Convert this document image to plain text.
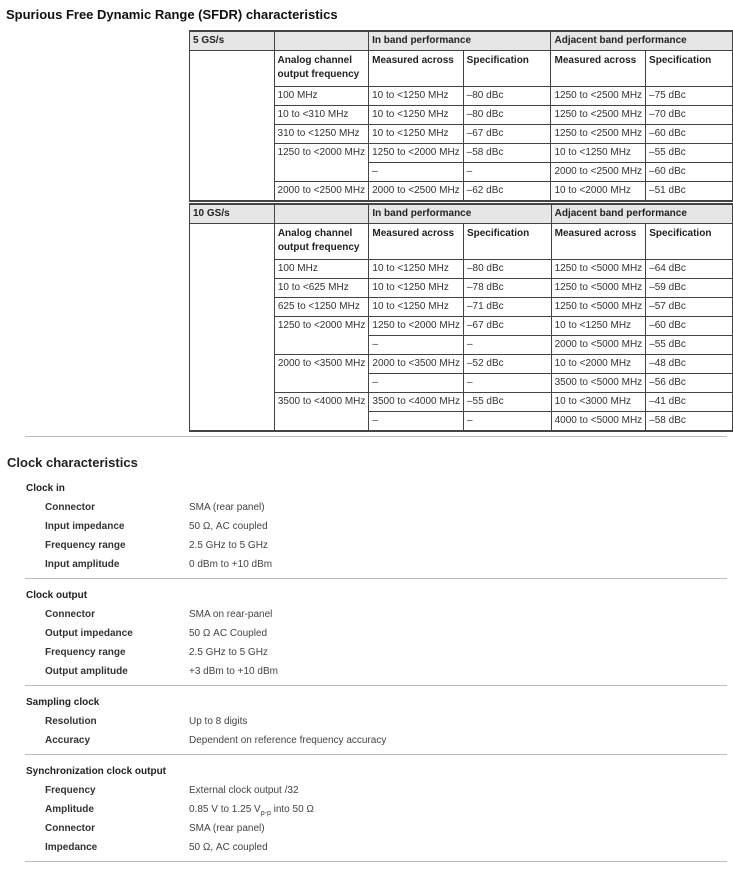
Spurious Free Dynamic Range (SFDR) characteristics
5 GS/s		In band performance		Adjacent band performance	
	Analog channel output frequency	Measured across	Specification	Measured across	Specification
	100 MHz	10 to <1250 MHz	–80 dBc	1250 to <2500 MHz	–75 dBc
	10 to <310 MHz	10 to <1250 MHz	–80 dBc	1250 to <2500 MHz	–70 dBc
	310 to <1250 MHz	10 to <1250 MHz	–67 dBc	1250 to <2500 MHz	–60 dBc
	1250 to <2000 MHz	1250 to <2000 MHz	–58 dBc	10 to <1250 MHz	–55 dBc
		–	–	2000 to <2500 MHz	–60 dBc
	2000 to <2500 MHz	2000 to <2500 MHz	–62 dBc	10 to <2000 MHz	–51 dBc
10 GS/s		In band performance		Adjacent band performance	
	Analog channel output frequency	Measured across	Specification	Measured across	Specification
	100 MHz	10 to <1250 MHz	–80 dBc	1250 to <5000 MHz	–64 dBc
	10 to <625 MHz	10 to <1250 MHz	–78 dBc	1250 to <5000 MHz	–59 dBc
	625 to <1250 MHz	10 to <1250 MHz	–71 dBc	1250 to <5000 MHz	–57 dBc
	1250 to <2000 MHz	1250 to <2000 MHz	–67 dBc	10 to <1250 MHz	–60 dBc
		–	–	2000 to <5000 MHz	–55 dBc
	2000 to <3500 MHz	2000 to <3500 MHz	–52 dBc	10 to <2000 MHz	–48 dBc
		–	–	3500 to <5000 MHz	–56 dBc
	3500 to <4000 MHz	3500 to <4000 MHz	–55 dBc	10 to <3000 MHz	–41 dBc
		–	–	4000 to <5000 MHz	–58 dBc
Clock characteristics
Clock in
Connector	SMA (rear panel)
Input impedance	50 Ω, AC coupled
Frequency range	2.5 GHz to 5 GHz
Input amplitude	0 dBm to +10 dBm
Clock output
Connector	SMA on rear-panel
Output impedance	50 Ω AC Coupled
Frequency range	2.5 GHz to 5 GHz
Output amplitude	+3 dBm to +10 dBm
Sampling clock
Resolution	Up to 8 digits
Accuracy	Dependent on reference frequency accuracy
Synchronization clock output
Frequency	External clock output /32
Amplitude	0.85 V to 1.25 $V_{p-p}$ into 50 Ω
Connector	SMA (rear panel)
Impedance	50 Ω, AC coupled
